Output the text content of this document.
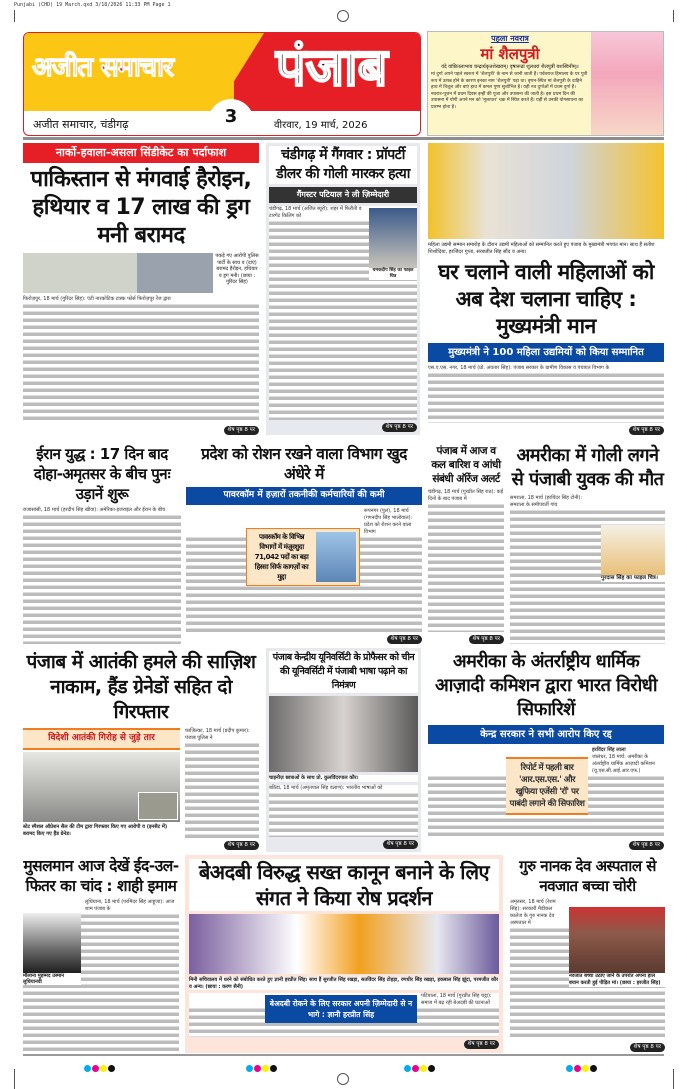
Punjabi (CHD) 19 March.qxd 3/18/2026 11:33 PM Page 1
अजीत समाचार पंजाब
3
अजीत समाचार, चंडीगढ़	वीरवार, 19 मार्च, 2026
पहला नवरात्र
मां शैलपुत्री
वंदे वांछितलाभाय चन्द्रार्धकृतशेखराम्। वृषारूढां शूलधरां शैलपुत्रीं यशस्विनीम्॥
मां दुर्गा अपने पहले स्वरूप में 'शैलपुत्री' के नाम से जानी जाती हैं। पर्वतराज हिमालय के घर पुत्री रूप में उत्पन्न होने के कारण इनका नाम 'शैलपुत्री' पड़ा था। वृषभ-स्थित मां शैलपुत्री के दाहिने हाथ में त्रिशूल और बाएं हाथ में कमल पुष्प सुशोभित है। यही नव दुर्गाओं में प्रथम दुर्गा हैं। नवरात्र-पूजन में प्रथम दिवस इन्हीं की पूजा और उपासना की जाती है। इस प्रथम दिन की उपासना में योगी अपने मन को 'मूलाधार' चक्र में स्थित करते हैं। यहीं से उनकी योगसाधना का प्रारम्भ होता है।
नार्को-हवाला-असला सिंडीकेट का पर्दाफाश
पाकिस्तान से मंगवाई हैरोइन, हथियार व 17 लाख की ड्रग मनी बरामद
पकड़े गए आरोपी पुलिस पार्टी के साथ व (दाएं) बरामद हैरोइन, हथियार व ड्रग मनी। (छाया : गुरिंदर सिंह)
फिरोज़पुर, 18 मार्च (गुरिंदर सिंह): एंटी नारकोटिक टास्क फोर्स फिरोज़पुर रेंज द्वारा
शेष पृष्ठ 8 पर
चंडीगढ़ में गैंगवार : प्रॉपर्टी डीलर की गोली मारकर हत्या
गैंगस्टर पटियाल ने ली ज़िम्मेदारी
चमकदीप सिंह का फाइल चित्र
चंडीगढ़, 18 मार्च (अजित ब्यूरो): शहर में फिरौती व टारगेट किलिंग को
शेष पृष्ठ 8 पर
महिला उद्यमी सम्मान समारोह के दौरान उद्यमी महिलाओं को सम्मानित करते हुए पंजाब के मुख्यमंत्री भगवंत मान। साथ हैं सतीश शिशोदिया, हरजिंदर गुप्ता, सरबजीत सिंह सौंद व अन्य।
घर चलाने वाली महिलाओं को अब देश चलाना चाहिए : मुख्यमंत्री मान
मुख्यमंत्री ने 100 महिला उद्यमियों को किया सम्मानित
एस.ए.एस. नगर, 18 मार्च (प्रो. अवतार सिंह): पंजाब सरकार के ग्रामीण विकास व पंचायत विभाग के
शेष पृष्ठ 8 पर
ईरान युद्ध : 17 दिन बाद दोहा-अमृतसर के बीच पुनः उड़ानें शुरू
राजासांसी, 18 मार्च (हरदीप सिंह खीवा): अमेरिका-इजराइल और ईरान के बीच
प्रदेश को रोशन रखने वाला विभाग खुद अंधेरे में
पावरकॉम में हज़ारों तकनीकी कर्मचारियों की कमी
पावरकॉम के विभिन्न विभागों में मंज़ूरशुदा 71,042 पदों का बड़ा हिस्सा सिर्फ कागज़ों का मुद्दा
रूपनगर (पुल), 18 मार्च (गगनदीप सिंह भालोवाल): प्रदेश को रोशन करने वाला विभाग
शेष पृष्ठ 8 पर
पंजाब में आज व कल बारिश व आंधी संबंधी ऑरेंज अलर्ट
चंडीगढ़, 18 मार्च (गुरप्रीत सिंह राठ): कई दिनों के बाद पंजाब में
शेष पृष्ठ 8 पर
अमरीका में गोली लगने से पंजाबी युवक की मौत
गुरदास सिंह का फाइल चित्र।
समराला, 18 मार्च (हरविंदर सिंह टोनी): समराला के समीपवर्ती गांव
पंजाब में आतंकी हमले की साज़िश नाकाम, हैंड ग्रेनेडों सहित दो गिरफ्तार
विदेशी आतंकी गिरोह से जुड़े तार
स्टेट स्पैशल ऑप्रेशन सैल की टीम द्वारा गिरफ्तार किए गए आरोपी व (इनसैट में) बरामद किए गए हैंड ग्रेनेड।
फाज़िल्का, 18 मार्च (प्रदीप कुमार): पंजाब पुलिस ने
शेष पृष्ठ 8 पर
पंजाब केन्द्रीय यूनिवर्सिटी के प्रोफैसर को चीन की यूनिवर्सिटी में पंजाबी भाषा पढ़ाने का निमंत्रण
चाइनीज़ छात्राओं के साथ प्रो. कुलविंदरपाल कौर।
बठिंडा, 18 मार्च (अमृतपाल सिंह वलाण): भारतीय भाषाओं को
शेष पृष्ठ 8 पर
अमरीका के अंतर्राष्ट्रीय धार्मिक आज़ादी कमिशन द्वारा भारत विरोधी सिफारिशें
केन्द्र सरकार ने सभी आरोप किए रद्द
रिपोर्ट में पहली बार 'आर.एस.एस.' और खुफिया एजेंसी 'रॉ' पर पाबंदी लगाने की सिफारिश
हरविंदर सिंह लाला
जालंधर, 18 मार्च: अमरीका के अंतर्राष्ट्रीय धार्मिक आज़ादी कमिशन (यू.एस.सी.आई.आर.एफ.)
शेष पृष्ठ 8 पर
मुसलमान आज देखें ईद-उल-फितर का चांद : शाही इमाम
मौलाना मुहम्मद उस्मान लुधियानवी
लुधियाना, 18 मार्च (परमिंदर सिंह आहूजा): आज शाम पंजाब के
बेअदबी विरुद्ध सख्त कानून बनाने के लिए संगत ने किया रोष प्रदर्शन
मिनी सचिवालय में धरने को संबोधित करते हुए ज्ञानी हरप्रीत सिंह। साथ हैं सुरजीत सिंह रखड़ा, सतविंदर सिंह टोहड़ा, रणधीर सिंह रखड़ा, इकबाल सिंह झूंदा, परमजीत कौर व अन्य। (छाया : करण सैनी)
बेअदबी रोकने के लिए सरकार अपनी ज़िम्मेदारी से न भागे : ज्ञानी हरप्रीत सिंह
पटियाला, 18 मार्च (गुरप्रीत सिंह चट्ठा): समाज में बढ़ रही बेअदबी की घटनाओं
शेष पृष्ठ 8 पर
गुरु नानक देव अस्पताल से नवजात बच्चा चोरी
नवजात बच्चा उठाए जाने के उपरांत अपना हाल बयान करती हुई पीड़ित मां। (छाया : हरजीत सिंह)
अमृतसर, 18 मार्च (रेशम सिंह): सरकारी मैडीकल कालेज के गुरु नानक देव अस्पताल में
शेष पृष्ठ 8 पर
